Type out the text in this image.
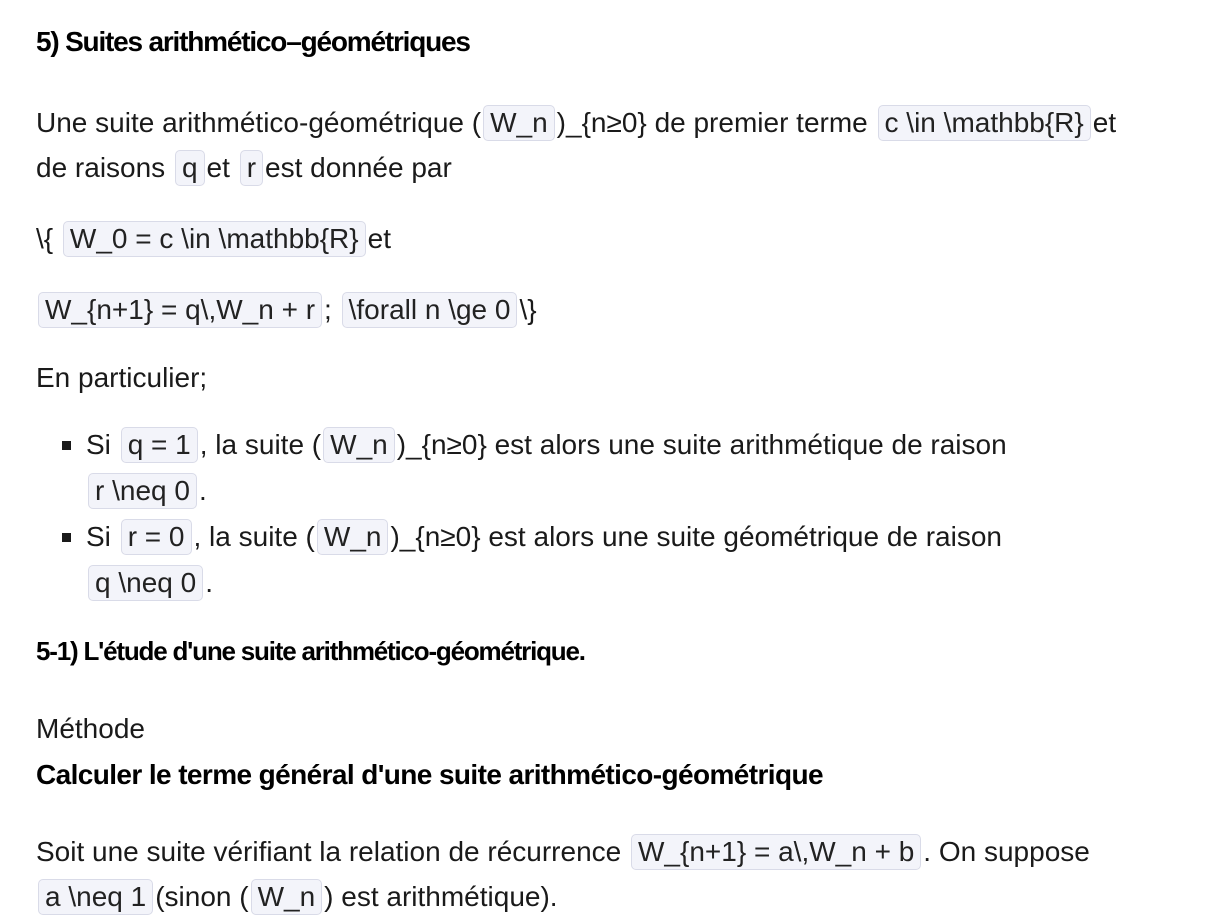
5) Suites arithmético–géométriques
Une suite arithmético-géométrique ( W_n )_{n≥0} de premier terme c \in \mathbb{R} et
de raisons q et r est donnée par
\{ W_0 = c \in \mathbb{R} et
W_{n+1} = q\,W_n + r ; \forall n \ge 0 \}
En particulier;
Si q = 1 , la suite ( W_n )_{n≥0} est alors une suite arithmétique de raison
r \neq 0 .
Si r = 0 , la suite ( W_n )_{n≥0} est alors une suite géométrique de raison
q \neq 0 .
5-1) L'étude d'une suite arithmético-géométrique.
Méthode
Calculer le terme général d'une suite arithmético-géométrique
Soit une suite vérifiant la relation de récurrence W_{n+1} = a\,W_n + b . On suppose
a \neq 1 (sinon ( W_n ) est arithmétique).
